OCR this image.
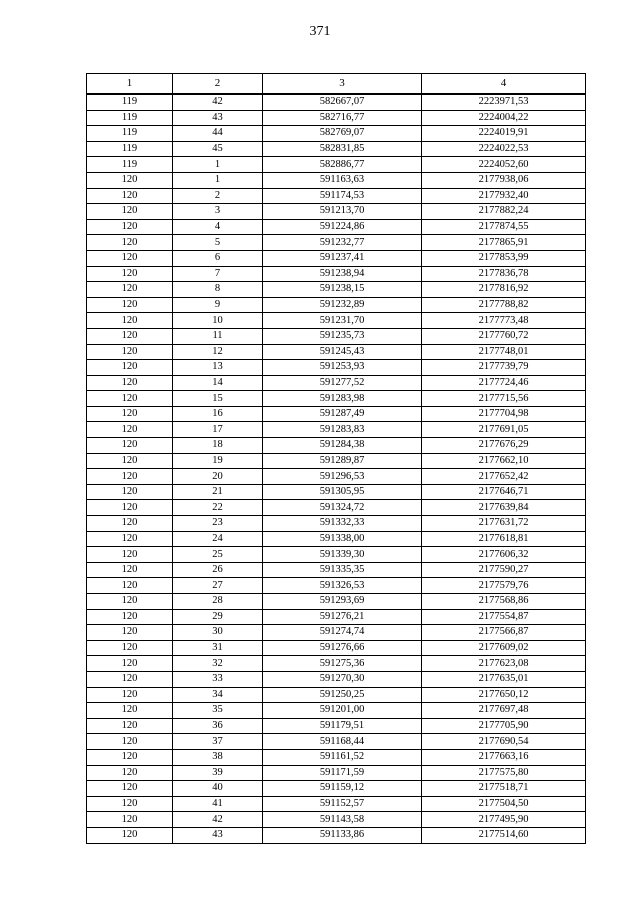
371
1	2	3	4
119	42	582667,07	2223971,53
119	43	582716,77	2224004,22
119	44	582769,07	2224019,91
119	45	582831,85	2224022,53
119	1	582886,77	2224052,60
120	1	591163,63	2177938,06
120	2	591174,53	2177932,40
120	3	591213,70	2177882,24
120	4	591224,86	2177874,55
120	5	591232,77	2177865,91
120	6	591237,41	2177853,99
120	7	591238,94	2177836,78
120	8	591238,15	2177816,92
120	9	591232,89	2177788,82
120	10	591231,70	2177773,48
120	11	591235,73	2177760,72
120	12	591245,43	2177748,01
120	13	591253,93	2177739,79
120	14	591277,52	2177724,46
120	15	591283,98	2177715,56
120	16	591287,49	2177704,98
120	17	591283,83	2177691,05
120	18	591284,38	2177676,29
120	19	591289,87	2177662,10
120	20	591296,53	2177652,42
120	21	591305,95	2177646,71
120	22	591324,72	2177639,84
120	23	591332,33	2177631,72
120	24	591338,00	2177618,81
120	25	591339,30	2177606,32
120	26	591335,35	2177590,27
120	27	591326,53	2177579,76
120	28	591293,69	2177568,86
120	29	591276,21	2177554,87
120	30	591274,74	2177566,87
120	31	591276,66	2177609,02
120	32	591275,36	2177623,08
120	33	591270,30	2177635,01
120	34	591250,25	2177650,12
120	35	591201,00	2177697,48
120	36	591179,51	2177705,90
120	37	591168,44	2177690,54
120	38	591161,52	2177663,16
120	39	591171,59	2177575,80
120	40	591159,12	2177518,71
120	41	591152,57	2177504,50
120	42	591143,58	2177495,90
120	43	591133,86	2177514,60
